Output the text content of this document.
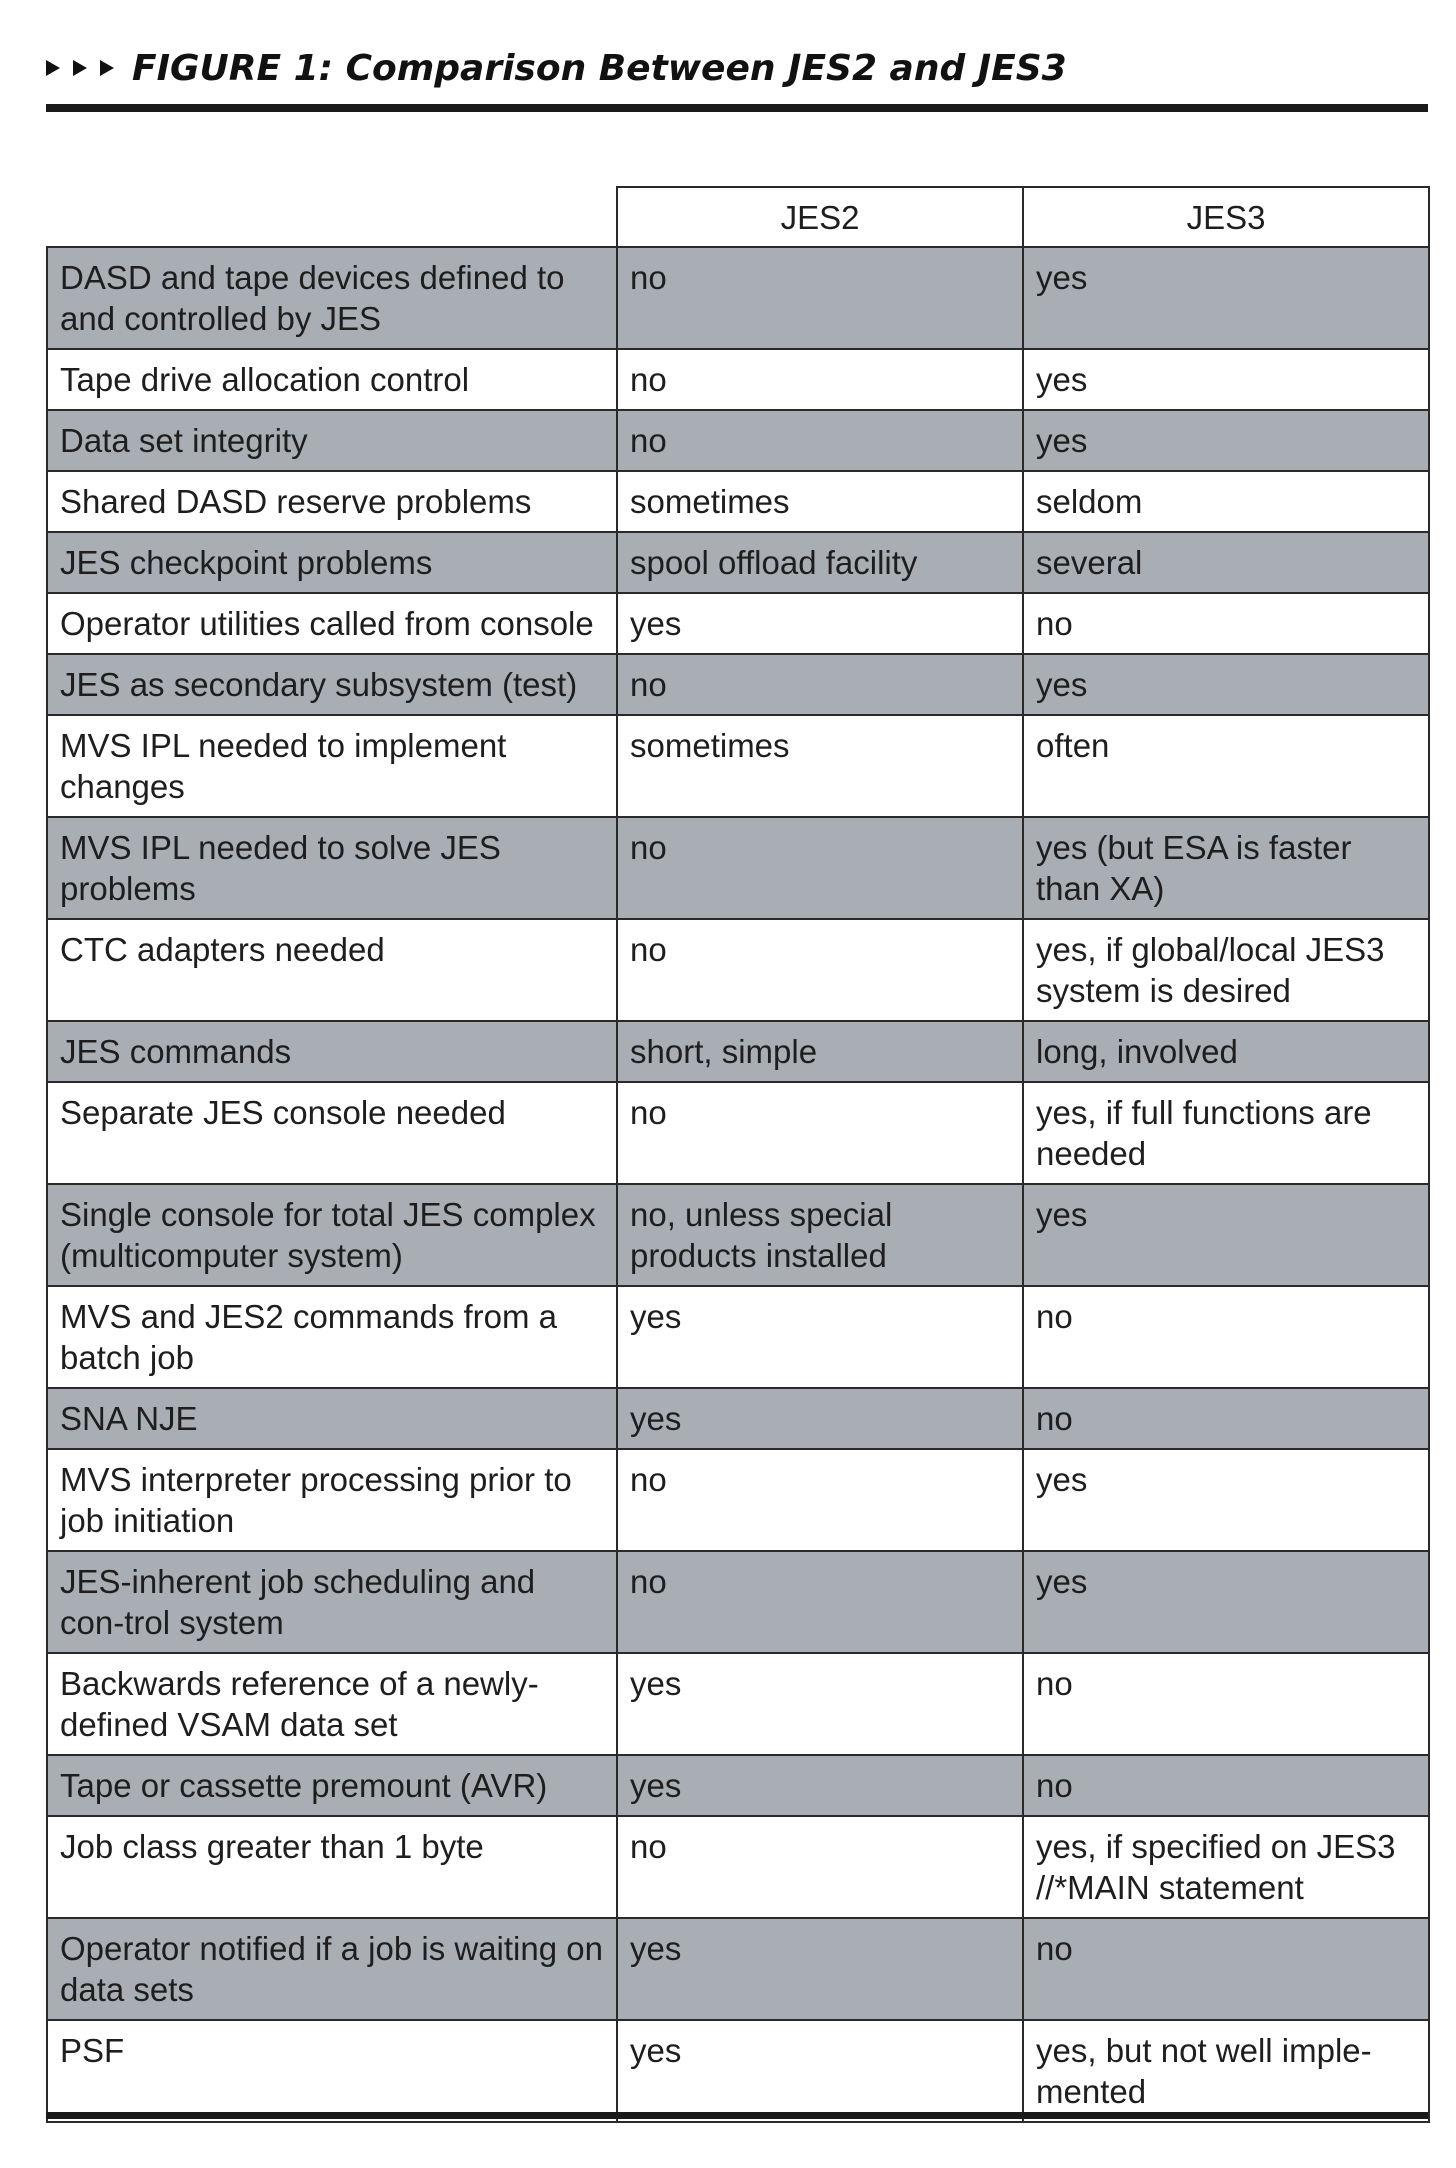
FIGURE 1: Comparison Between JES2 and JES3
	JES2	JES3
DASD and tape devices defined to and controlled by JES	no	yes
Tape drive allocation control	no	yes
Data set integrity	no	yes
Shared DASD reserve problems	sometimes	seldom
JES checkpoint problems	spool offload facility	several
Operator utilities called from console	yes	no
JES as secondary subsystem (test)	no	yes
MVS IPL needed to implement changes	sometimes	often
MVS IPL needed to solve JES problems	no	yes (but ESA is faster than XA)
CTC adapters needed	no	yes, if global/local JES3 system is desired
JES commands	short, simple	long, involved
Separate JES console needed	no	yes, if full functions are needed
Single console for total JES complex (multicomputer system)	no, unless special products installed	yes
MVS and JES2 commands from a batch job	yes	no
SNA NJE	yes	no
MVS interpreter processing prior to job initiation	no	yes
JES-inherent job scheduling and con-trol system	no	yes
Backwards reference of a newly-defined VSAM data set	yes	no
Tape or cassette premount (AVR)	yes	no
Job class greater than 1 byte	no	yes, if specified on JES3 //*MAIN statement
Operator notified if a job is waiting on data sets	yes	no
PSF	yes	yes, but not well imple-mented
